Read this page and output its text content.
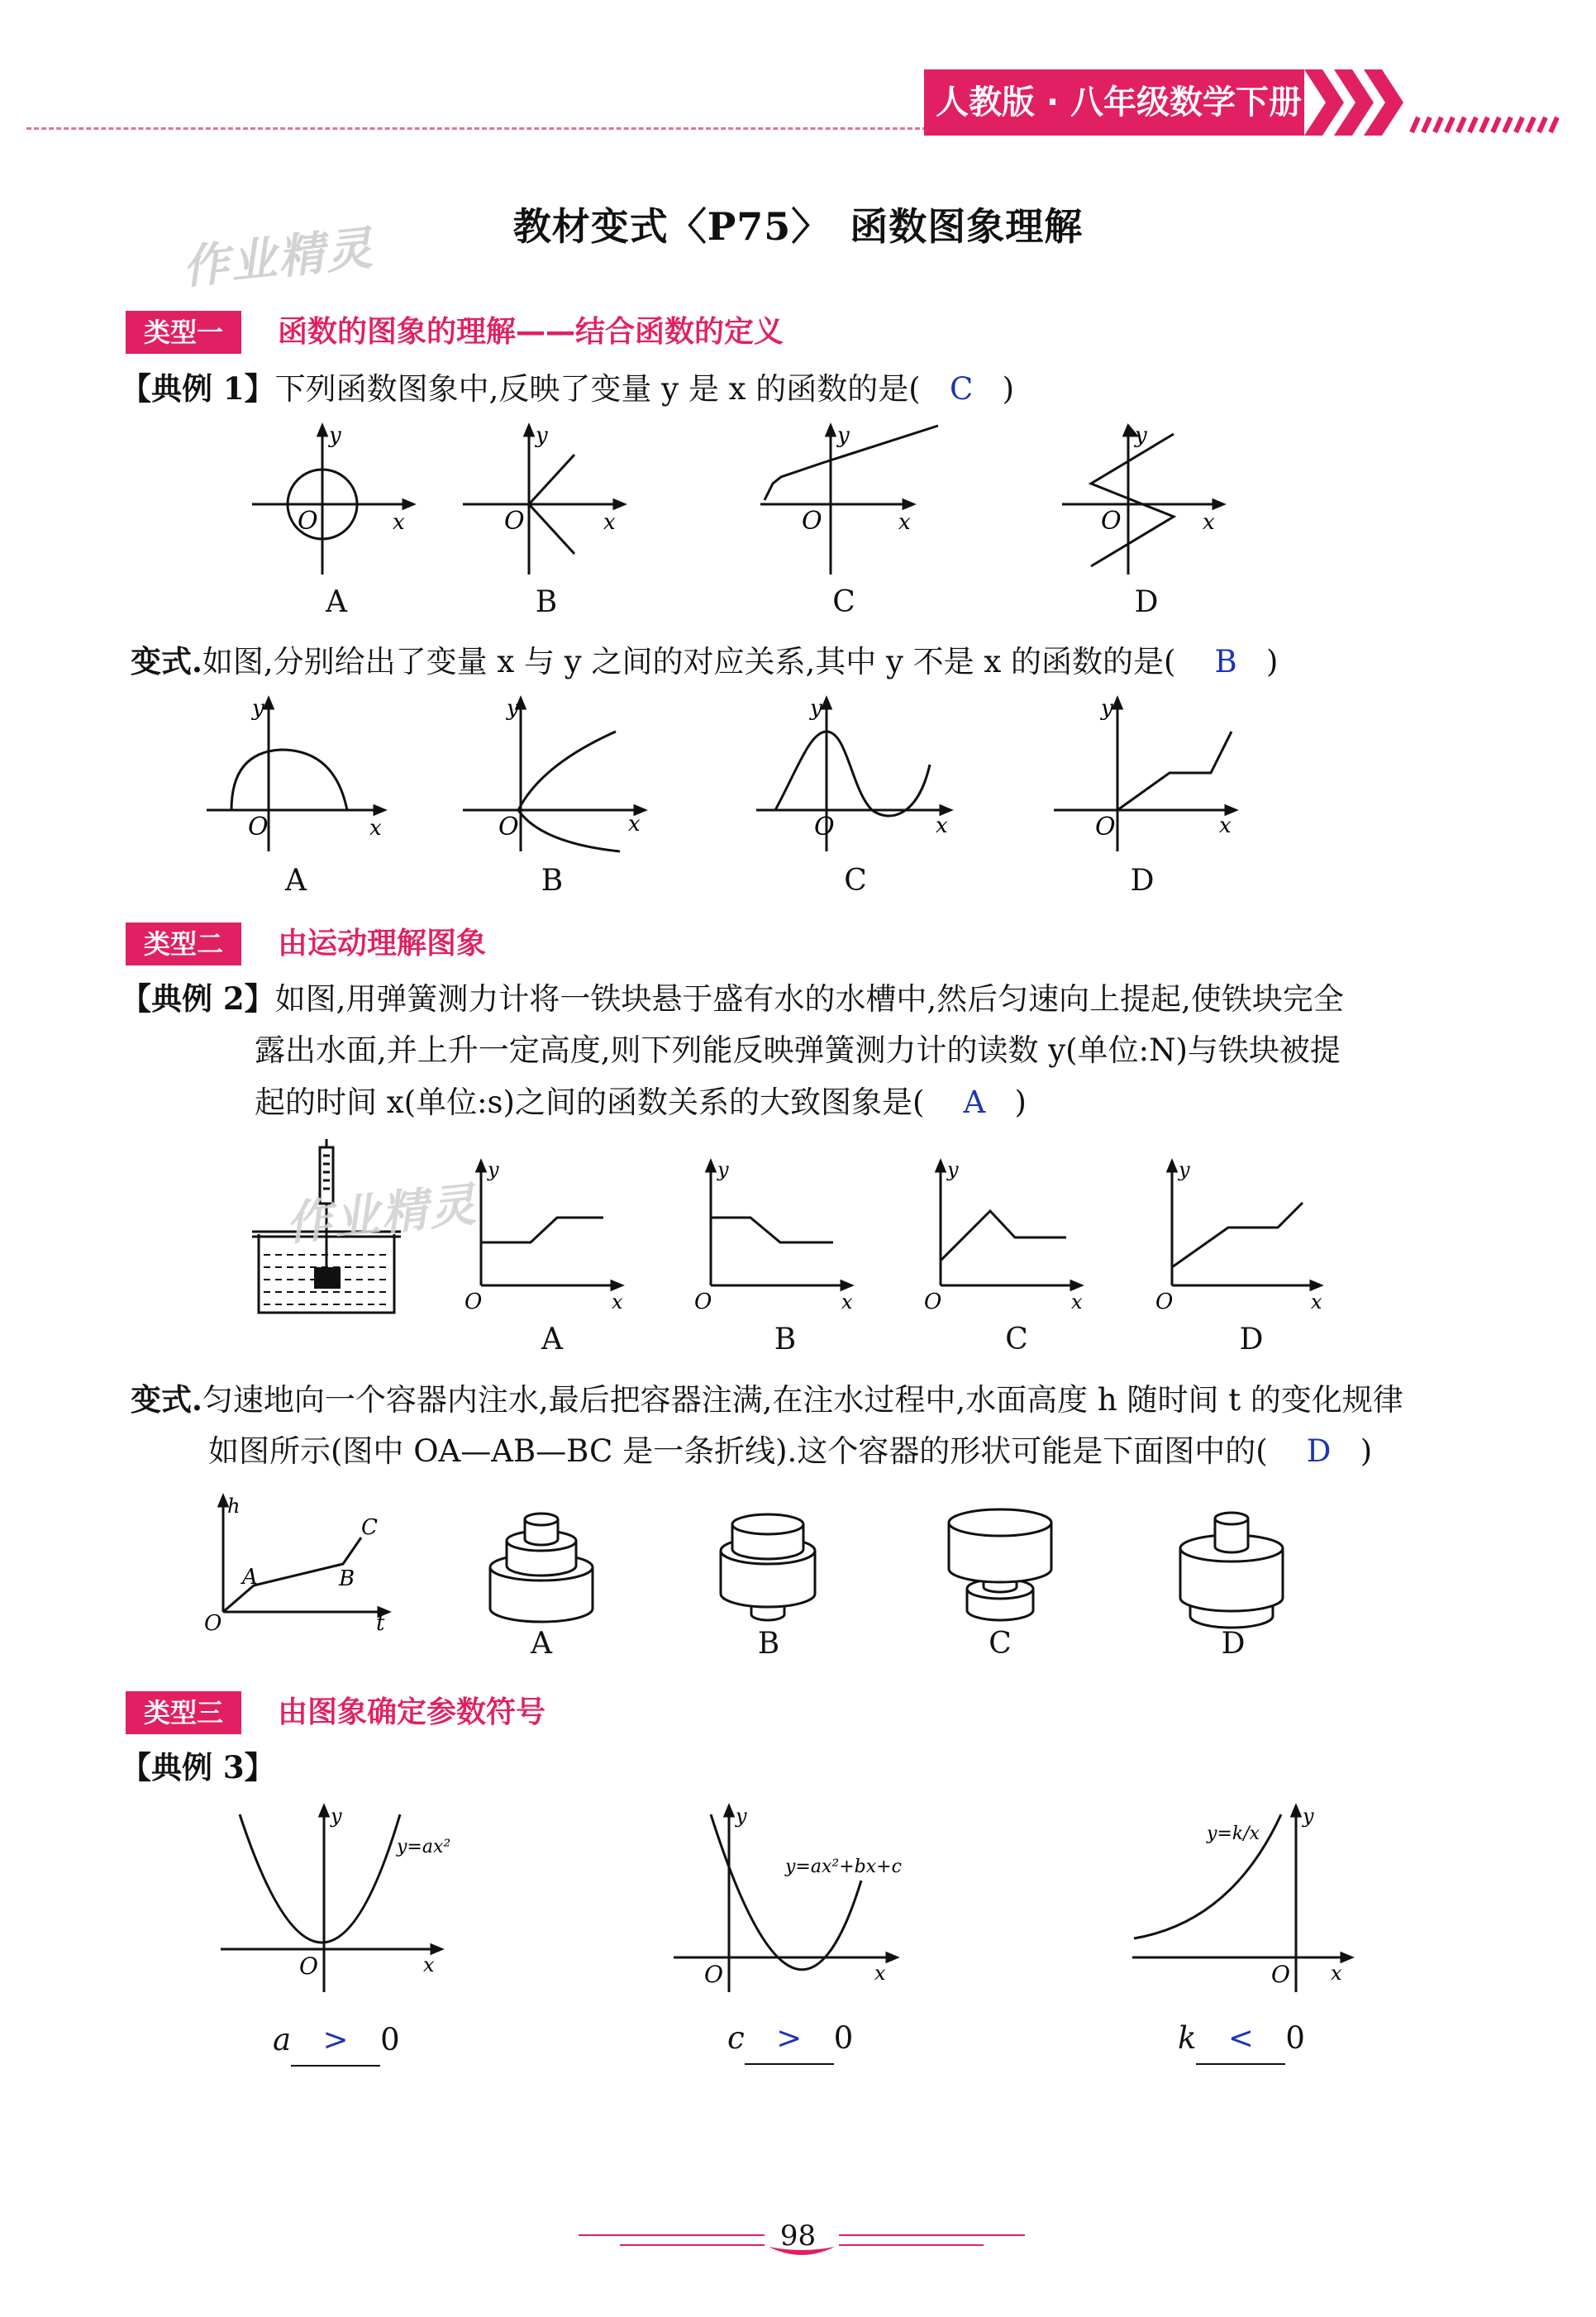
人教版 · 八年级数学下册
作业精灵	教材变式〈P75〉　函数图象理解
类型一	函数的图象的理解——结合函数的定义
【典例 1】下列函数图象中,反映了变量 y 是 x 的函数的是( C )
O	x
y
O	x
y
O	x
y
O	x
y
A	B	C	D
变式.如图,分别给出了变量 x 与 y 之间的对应关系,其中 y 不是 x 的函数的是( B )
O	x
y
O	x
y
O	x
y
O	x
y
A	B	C	D
类型二	由运动理解图象
【典例 2】如图,用弹簧测力计将一铁块悬于盛有水的水槽中,然后匀速向上提起,使铁块完全
露出水面,并上升一定高度,则下列能反映弹簧测力计的读数 y(单位:N)与铁块被提
起的时间 x(单位:s)之间的函数关系的大致图象是( A )
作业精灵
O	x
y
O	x
y
O	x
y
O	x
y
A	B	C	D
变式.匀速地向一个容器内注水,最后把容器注满,在注水过程中,水面高度 h 随时间 t 的变化规律
如图所示(图中 OA—AB—BC 是一条折线).这个容器的形状可能是下面图中的( D )
h
O	t
A	B
C
A	B	C	D
类型三	由图象确定参数符号
【典例 3】
O	x
y
y=ax²
O	x
y
y=ax²+bx+c
O x
y
y=k/x
a > 0	c > 0	k < 0
98
